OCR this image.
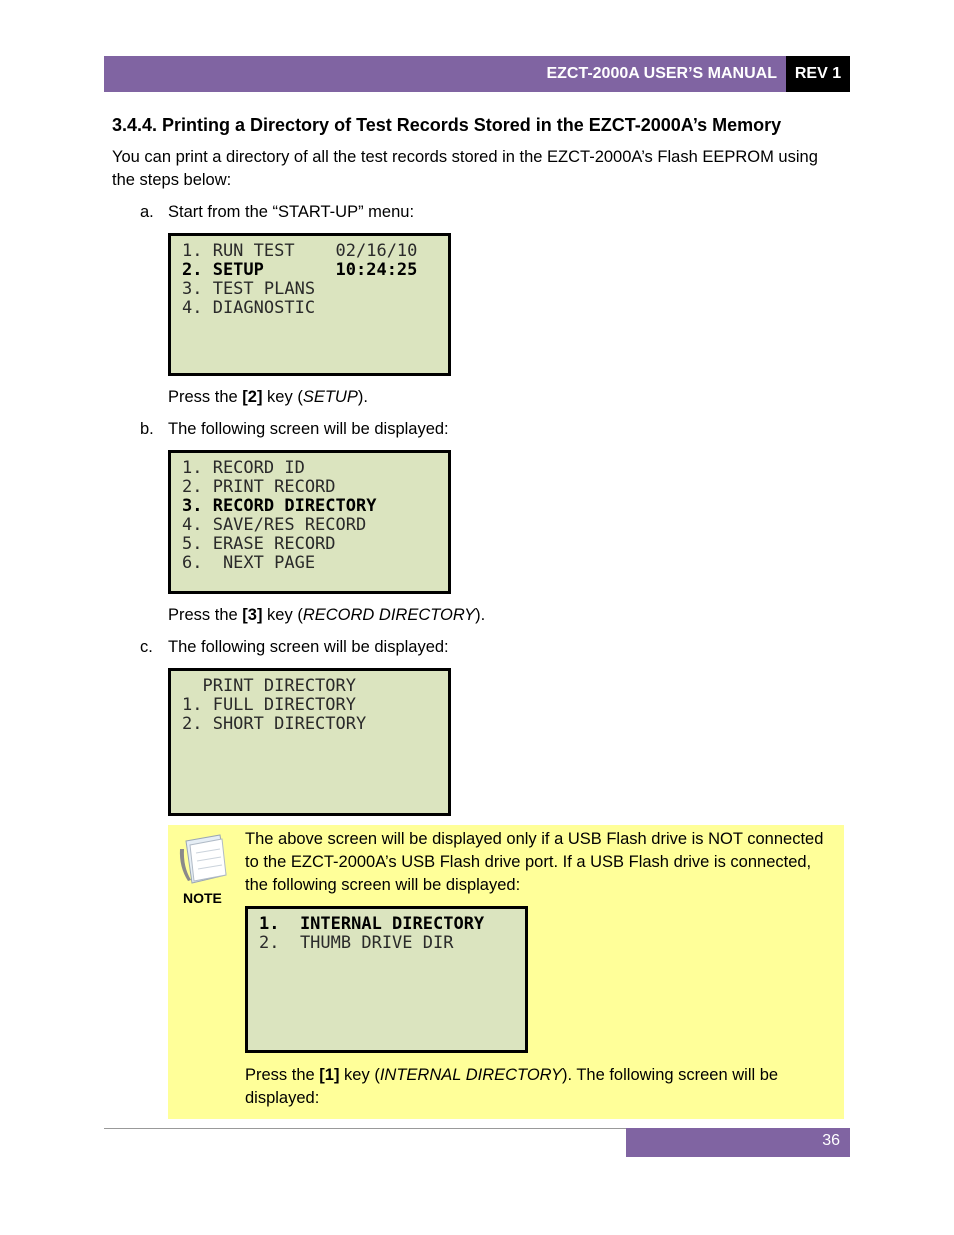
EZCT-2000A USER’S MANUAL	REV 1
3.4.4. Printing a Directory of Test Records Stored in the EZCT-2000A’s Memory
You can print a directory of all the test records stored in the EZCT-2000A’s Flash EEPROM using
the steps below:
a. Start from the “START-UP” menu:
1. RUN TEST    02/16/10
2. SETUP       10:24:25
3. TEST PLANS
4. DIAGNOSTIC
Press the [2] key (SETUP).
b. The following screen will be displayed:
1. RECORD ID
2. PRINT RECORD
3. RECORD DIRECTORY
4. SAVE/RES RECORD
5. ERASE RECORD
6.  NEXT PAGE
Press the [3] key (RECORD DIRECTORY).
c. The following screen will be displayed:
PRINT DIRECTORY
1. FULL DIRECTORY
2. SHORT DIRECTORY
NOTE
The above screen will be displayed only if a USB Flash drive is NOT connected
to the EZCT-2000A’s USB Flash drive port. If a USB Flash drive is connected,
the following screen will be displayed:
1.  INTERNAL DIRECTORY
2.  THUMB DRIVE DIR
Press the [1] key (INTERNAL DIRECTORY). The following screen will be
displayed:
36
